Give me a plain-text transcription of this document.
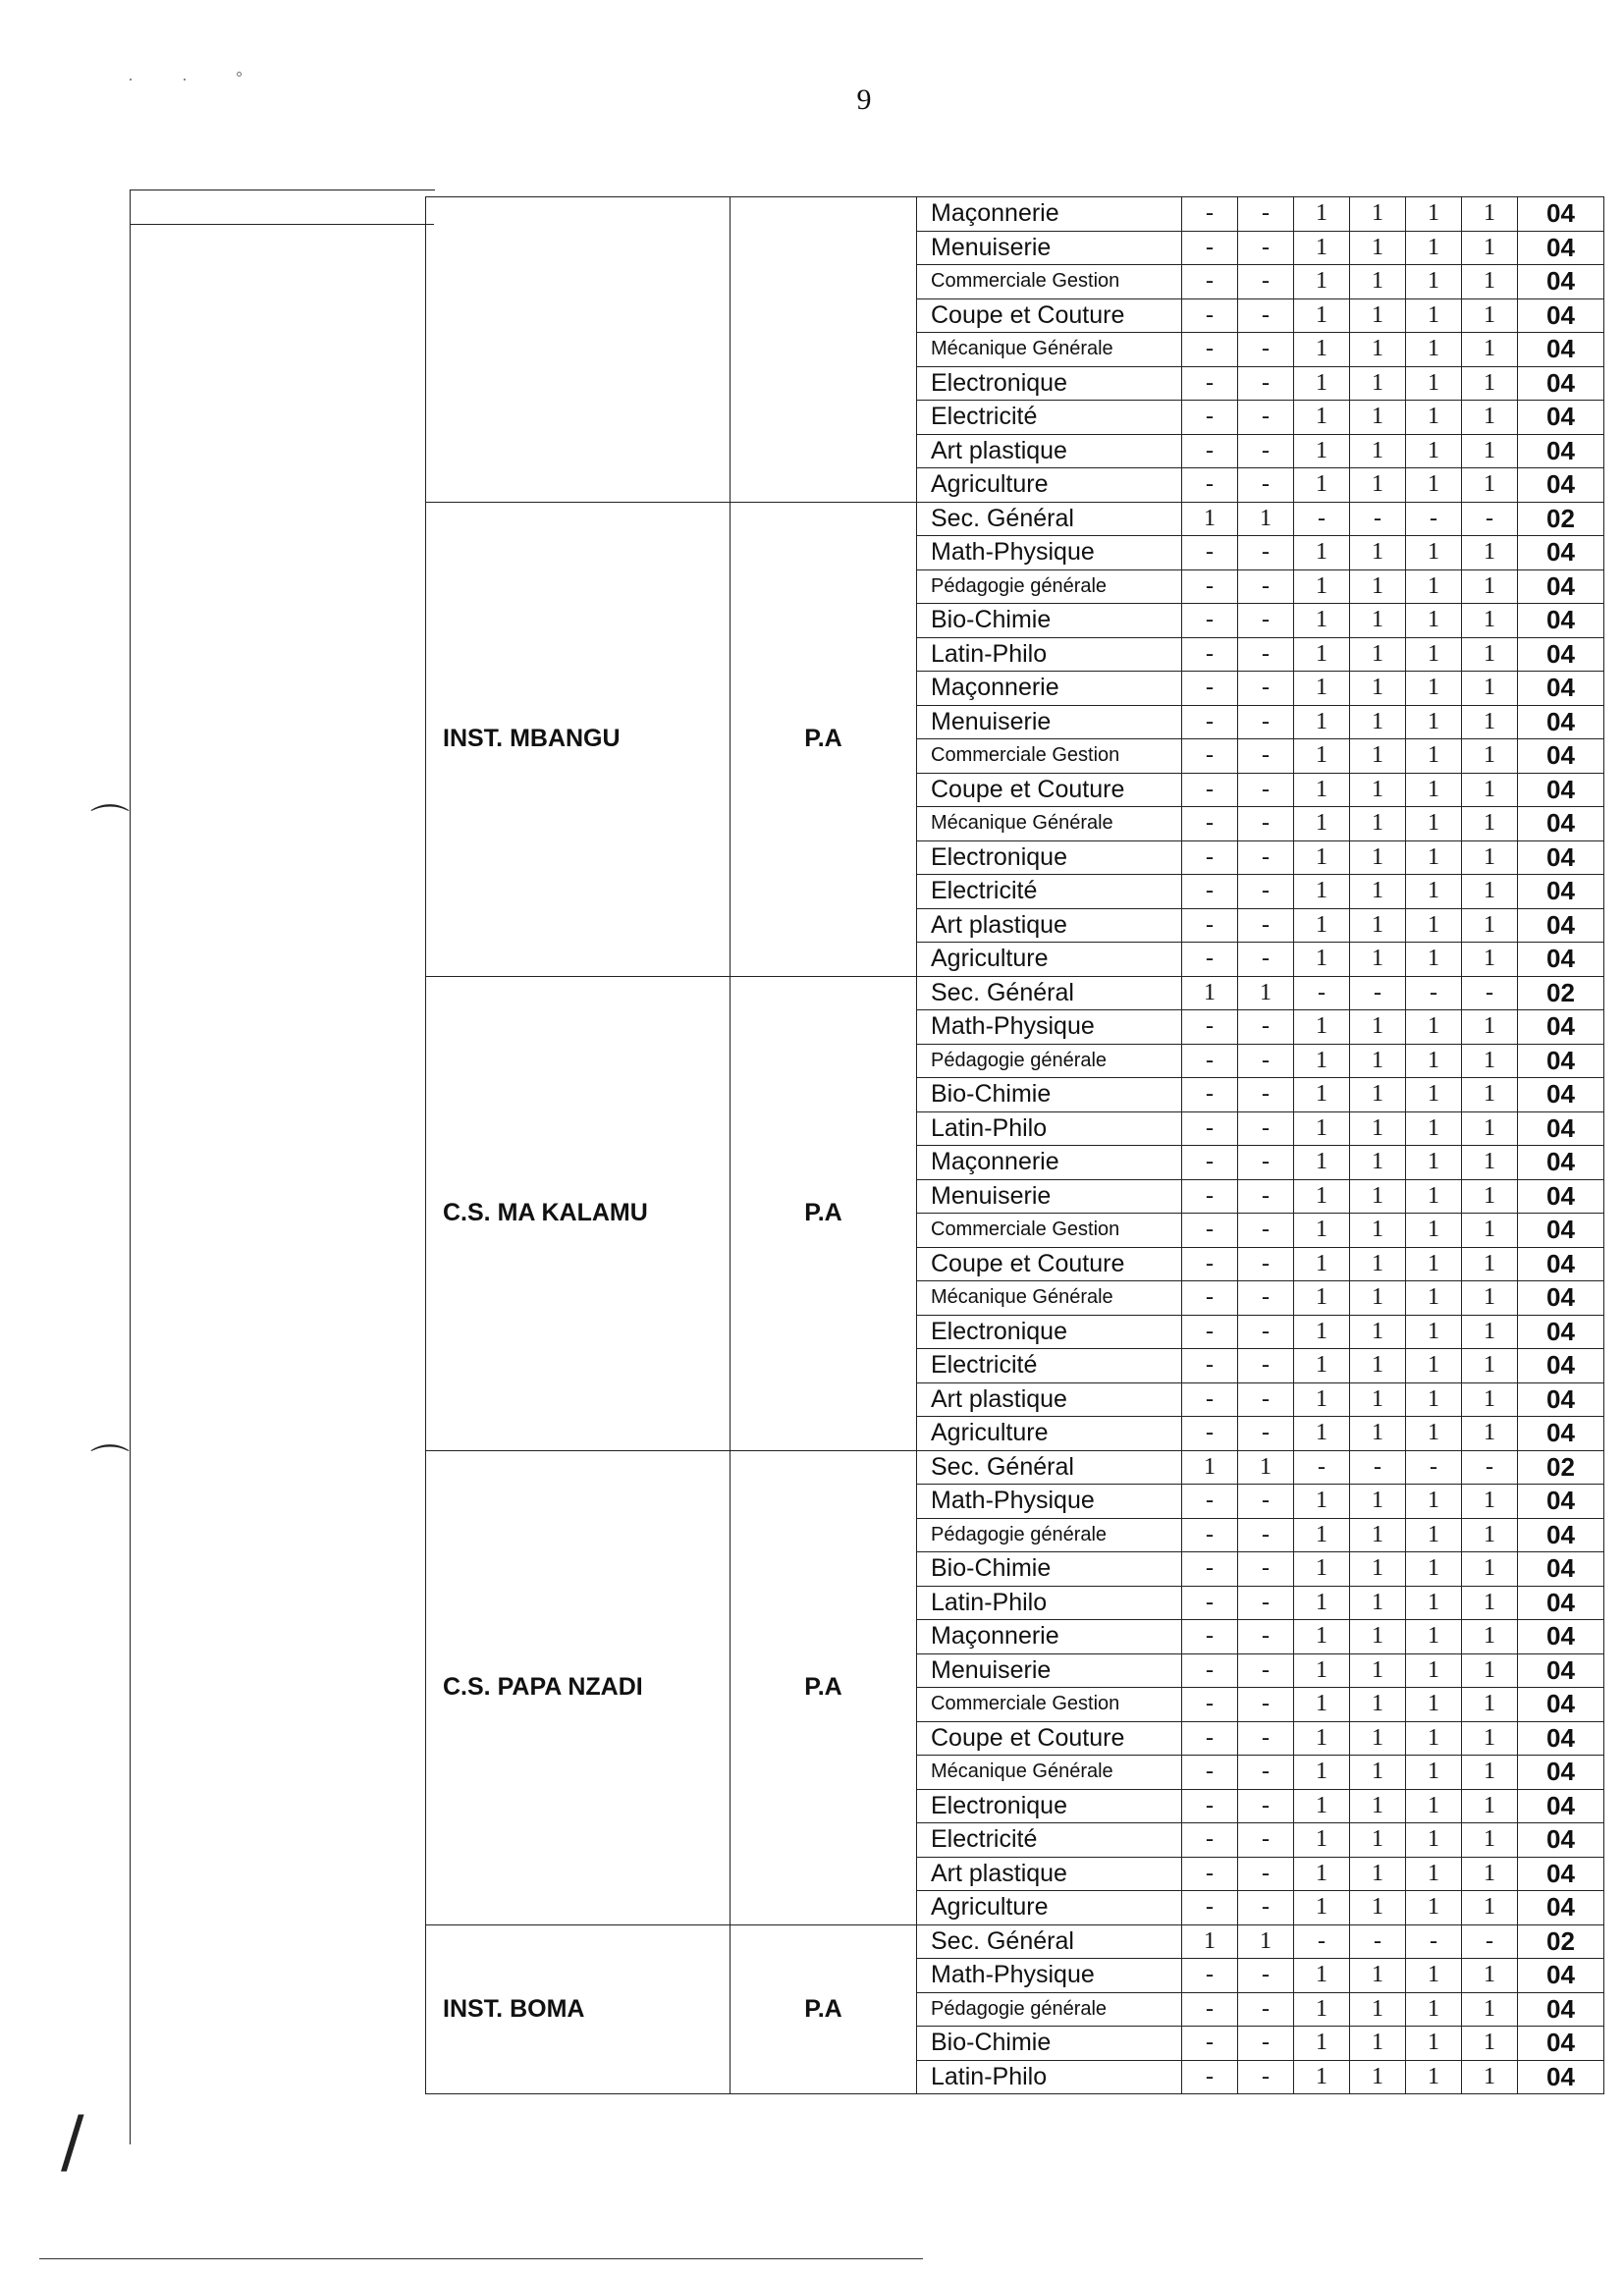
9
· · °
⌒
⌒
/
		Maçonnerie	-	-	1	1	1	1	04
		Menuiserie	-	-	1	1	1	1	04
		Commerciale Gestion	-	-	1	1	1	1	04
		Coupe et Couture	-	-	1	1	1	1	04
		Mécanique Générale	-	-	1	1	1	1	04
		Electronique	-	-	1	1	1	1	04
		Electricité	-	-	1	1	1	1	04
		Art plastique	-	-	1	1	1	1	04
		Agriculture	-	-	1	1	1	1	04
INST. MBANGU	P.A	Sec. Général	1	1	-	-	-	-	02
		Math-Physique	-	-	1	1	1	1	04
		Pédagogie générale	-	-	1	1	1	1	04
		Bio-Chimie	-	-	1	1	1	1	04
		Latin-Philo	-	-	1	1	1	1	04
		Maçonnerie	-	-	1	1	1	1	04
		Menuiserie	-	-	1	1	1	1	04
		Commerciale Gestion	-	-	1	1	1	1	04
		Coupe et Couture	-	-	1	1	1	1	04
		Mécanique Générale	-	-	1	1	1	1	04
		Electronique	-	-	1	1	1	1	04
		Electricité	-	-	1	1	1	1	04
		Art plastique	-	-	1	1	1	1	04
		Agriculture	-	-	1	1	1	1	04
C.S. MA KALAMU	P.A	Sec. Général	1	1	-	-	-	-	02
		Math-Physique	-	-	1	1	1	1	04
		Pédagogie générale	-	-	1	1	1	1	04
		Bio-Chimie	-	-	1	1	1	1	04
		Latin-Philo	-	-	1	1	1	1	04
		Maçonnerie	-	-	1	1	1	1	04
		Menuiserie	-	-	1	1	1	1	04
		Commerciale Gestion	-	-	1	1	1	1	04
		Coupe et Couture	-	-	1	1	1	1	04
		Mécanique Générale	-	-	1	1	1	1	04
		Electronique	-	-	1	1	1	1	04
		Electricité	-	-	1	1	1	1	04
		Art plastique	-	-	1	1	1	1	04
		Agriculture	-	-	1	1	1	1	04
C.S. PAPA NZADI	P.A	Sec. Général	1	1	-	-	-	-	02
		Math-Physique	-	-	1	1	1	1	04
		Pédagogie générale	-	-	1	1	1	1	04
		Bio-Chimie	-	-	1	1	1	1	04
		Latin-Philo	-	-	1	1	1	1	04
		Maçonnerie	-	-	1	1	1	1	04
		Menuiserie	-	-	1	1	1	1	04
		Commerciale Gestion	-	-	1	1	1	1	04
		Coupe et Couture	-	-	1	1	1	1	04
		Mécanique Générale	-	-	1	1	1	1	04
		Electronique	-	-	1	1	1	1	04
		Electricité	-	-	1	1	1	1	04
		Art plastique	-	-	1	1	1	1	04
		Agriculture	-	-	1	1	1	1	04
INST. BOMA	P.A	Sec. Général	1	1	-	-	-	-	02
		Math-Physique	-	-	1	1	1	1	04
		Pédagogie générale	-	-	1	1	1	1	04
		Bio-Chimie	-	-	1	1	1	1	04
		Latin-Philo	-	-	1	1	1	1	04
